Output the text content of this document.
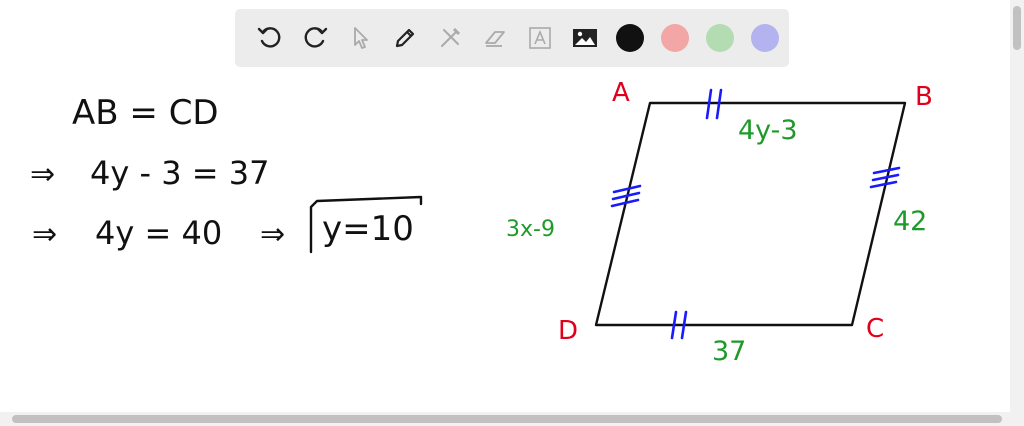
AB = CD
⇒ 4y - 3 = 37
⇒ 4y = 40 ⇒ y=10
A	B
C
D
4y-3
42
37
3x-9
